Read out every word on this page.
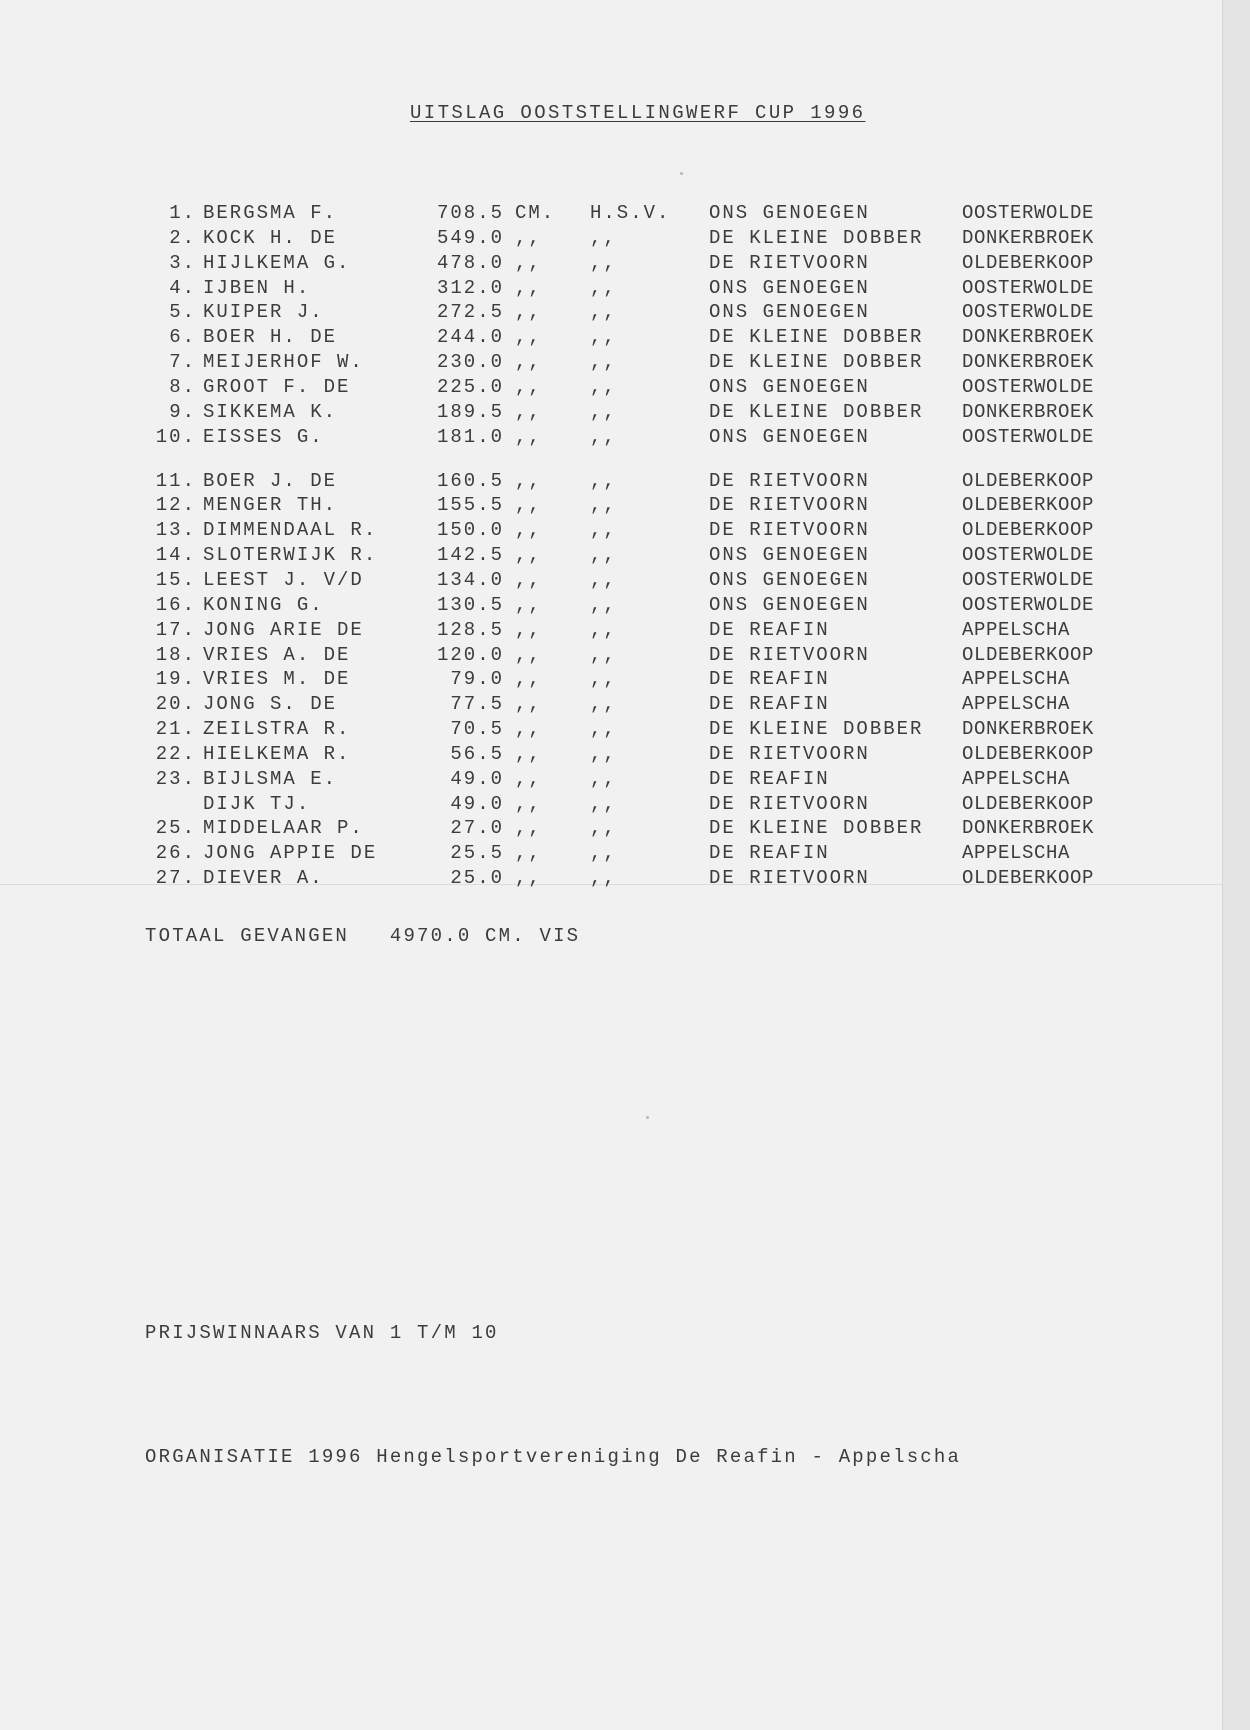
UITSLAG OOSTSTELLINGWERF CUP 1996
1. BERGSMA F.	708.5 CM. H.S.V. ONS GENOEGEN	OOSTERWOLDE
2. KOCK H. DE	549.0 ,,	,,	DE KLEINE DOBBER DONKERBROEK
3. HIJLKEMA G.	478.0 ,,	,,	DE RIETVOORN	OLDEBERKOOP
4. IJBEN H.	312.0 ,,	,,	ONS GENOEGEN	OOSTERWOLDE
5. KUIPER J.	272.5 ,,	,,	ONS GENOEGEN	OOSTERWOLDE
6. BOER H. DE	244.0 ,,	,,	DE KLEINE DOBBER DONKERBROEK
7. MEIJERHOF W.	230.0 ,,	,,	DE KLEINE DOBBER DONKERBROEK
8. GROOT F. DE	225.0 ,,	,,	ONS GENOEGEN	OOSTERWOLDE
9. SIKKEMA K.	189.5 ,,	,,	DE KLEINE DOBBER DONKERBROEK
10. EISSES G.	181.0 ,,	,,	ONS GENOEGEN	OOSTERWOLDE
11. BOER J. DE	160.5 ,,	,,	DE RIETVOORN	OLDEBERKOOP
12. MENGER TH.	155.5 ,,	,,	DE RIETVOORN	OLDEBERKOOP
13. DIMMENDAAL R.	150.0 ,,	,,	DE RIETVOORN	OLDEBERKOOP
14. SLOTERWIJK R.	142.5 ,,	,,	ONS GENOEGEN	OOSTERWOLDE
15. LEEST J. V/D	134.0 ,,	,,	ONS GENOEGEN	OOSTERWOLDE
16. KONING G.	130.5 ,,	,,	ONS GENOEGEN	OOSTERWOLDE
17. JONG ARIE DE	128.5 ,,	,,	DE REAFIN	APPELSCHA
18. VRIES A. DE	120.0 ,,	,,	DE RIETVOORN	OLDEBERKOOP
19. VRIES M. DE	79.0 ,,	,,	DE REAFIN	APPELSCHA
20. JONG S. DE	77.5 ,,	,,	DE REAFIN	APPELSCHA
21. ZEILSTRA R.	70.5 ,,	,,	DE KLEINE DOBBER DONKERBROEK
22. HIELKEMA R.	56.5 ,,	,,	DE RIETVOORN	OLDEBERKOOP
23. BIJLSMA E.	49.0 ,,	,,	DE REAFIN	APPELSCHA
DIJK TJ.	49.0 ,,	,,	DE RIETVOORN	OLDEBERKOOP
25. MIDDELAAR P.	27.0 ,,	,,	DE KLEINE DOBBER DONKERBROEK
26. JONG APPIE DE	25.5 ,,	,,	DE REAFIN	APPELSCHA
27. DIEVER A.	25.0 ,,	,,	DE RIETVOORN	OLDEBERKOOP
TOTAAL GEVANGEN 4970.0 CM. VIS
PRIJSWINNAARS VAN 1 T/M 10
ORGANISATIE 1996 Hengelsportvereniging De Reafin - Appelscha
